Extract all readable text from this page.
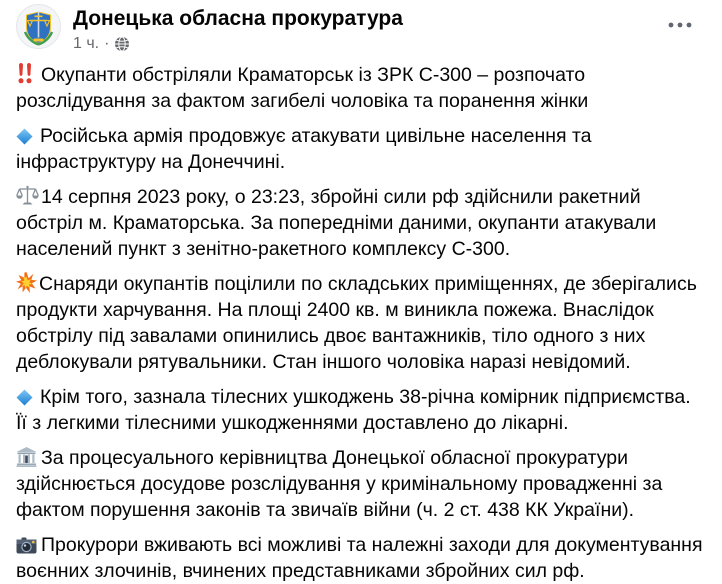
Донецька обласна прокуратура
1 ч. ·

Окупанти обстріляли Краматорськ із ЗРК С-300 – розпочато розслідування за фактом загибелі чоловіка та поранення жінки

Російська армія продовжує атакувати цивільне населення та інфраструктуру на Донеччині.

14 серпня 2023 року, о 23:23, збройні сили рф здійснили ракетний обстріл м. Краматорська. За попередніми даними, окупанти атакували населений пункт з зенітно-ракетного комплексу С-300.

Снаряди окупантів поцілили по складських приміщеннях, де зберігались продукти харчування. На площі 2400 кв. м виникла пожежа. Внаслідок обстрілу під завалами опинились двоє вантажників, тіло одного з них деблокували рятувальники. Стан іншого чоловіка наразі невідомий.

Крім того, зазнала тілесних ушкоджень 38-річна комірник підприємства. Її з легкими тілесними ушкодженнями доставлено до лікарні.

За процесуального керівництва Донецької обласної прокуратури здійснюється досудове розслідування у кримінальному провадженні за фактом порушення законів та звичаїв війни (ч. 2 ст. 438 КК України).

Прокурори вживають всі можливі та належні заходи для документування воєнних злочинів, вчинених представниками збройних сил рф.
